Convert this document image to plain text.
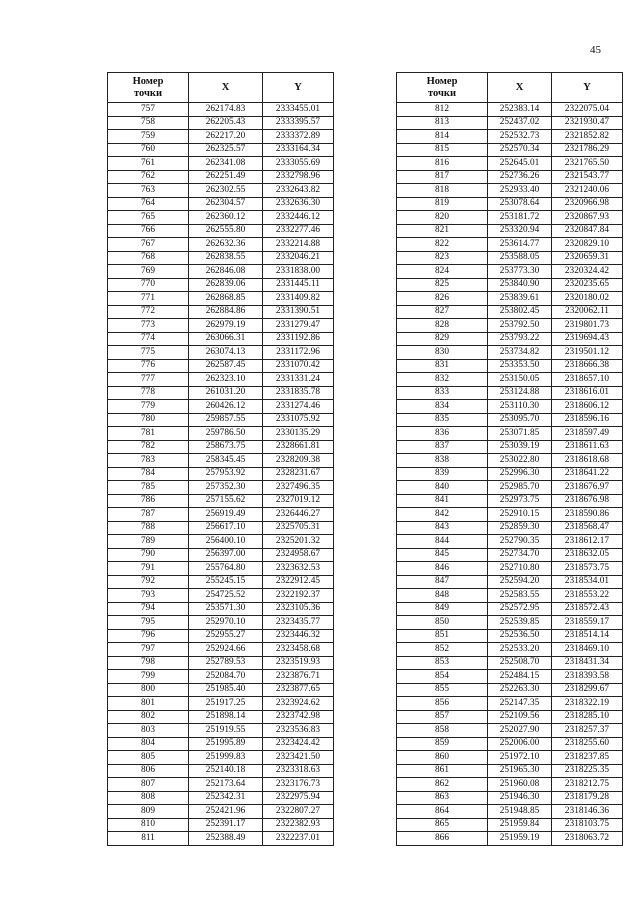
45
Номер
точки	X	Y
757	262174.83	2333455.01
758	262205.43	2333395.57
759	262217.20	2333372.89
760	262325.57	2333164.34
761	262341.08	2333055.69
762	262251.49	2332798.96
763	262302.55	2332643.82
764	262304.57	2332636.30
765	262360.12	2332446.12
766	262555.80	2332277.46
767	262632.36	2332214.88
768	262838.55	2332046.21
769	262846.08	2331838.00
770	262839.06	2331445.11
771	262868.85	2331409.82
772	262884.86	2331390.51
773	262979.19	2331279.47
774	263066.31	2331192.86
775	263074.13	2331172.96
776	262587.45	2331070.42
777	262323.10	2331331.24
778	261031.20	2331835.78
779	260426.12	2331274.46
780	259857.55	2331075.92
781	259786.50	2330135.29
782	258673.75	2328661.81
783	258345.45	2328209.38
784	257953.92	2328231.67
785	257352.30	2327496.35
786	257155.62	2327019.12
787	256919.49	2326446.27
788	256617.10	2325705.31
789	256400.10	2325201.32
790	256397.00	2324958.67
791	255764.80	2323632.53
792	255245.15	2322912.45
793	254725.52	2322192.37
794	253571.30	2323105.36
795	252970.10	2323435.77
796	252955.27	2323446.32
797	252924.66	2323458.68
798	252789.53	2323519.93
799	252084.70	2323876.71
800	251985.40	2323877.65
801	251917.25	2323924.62
802	251898.14	2323742.98
803	251919.55	2323536.83
804	251995.89	2323424.42
805	251999.83	2323421.50
806	252140.18	2323318.63
807	252173.64	2323176.73
808	252342.31	2322975.94
809	252421.96	2322807.27
810	252391.17	2322382.93
811	252388.49	2322237.01
Номер
точки	X	Y
812	252383.14	2322075.04
813	252437.02	2321930.47
814	252532.73	2321852.82
815	252570.34	2321786.29
816	252645.01	2321765.50
817	252736.26	2321543.77
818	252933.40	2321240.06
819	253078.64	2320966.98
820	253181.72	2320867.93
821	253320.94	2320847.84
822	253614.77	2320829.10
823	253588.05	2320659.31
824	253773.30	2320324.42
825	253840.90	2320235.65
826	253839.61	2320180.02
827	253802.45	2320062.11
828	253792.50	2319801.73
829	253793.22	2319694.43
830	253734.82	2319501.12
831	253353.50	2318666.38
832	253150.05	2318657.10
833	253124.88	2318616.01
834	253110.30	2318606.12
835	253095.70	2318596.16
836	253071.85	2318597.49
837	253039.19	2318611.63
838	253022.80	2318618.68
839	252996.30	2318641.22
840	252985.70	2318676.97
841	252973.75	2318676.98
842	252910.15	2318590.86
843	252859.30	2318568.47
844	252790.35	2318612.17
845	252734.70	2318632.05
846	252710.80	2318573.75
847	252594.20	2318534.01
848	252583.55	2318553.22
849	252572.95	2318572.43
850	252539.85	2318559.17
851	252536.50	2318514.14
852	252533.20	2318469.10
853	252508.70	2318431.34
854	252484.15	2318393.58
855	252263.30	2318299.67
856	252147.35	2318322.19
857	252109.56	2318285.10
858	252027.90	2318257.37
859	252006.00	2318255.60
860	251972.10	2318237.85
861	251965.30	2318225.35
862	251960.08	2318212.75
863	251946.30	2318179.28
864	251948.85	2318146.36
865	251959.84	2318103.75
866	251959.19	2318063.72
